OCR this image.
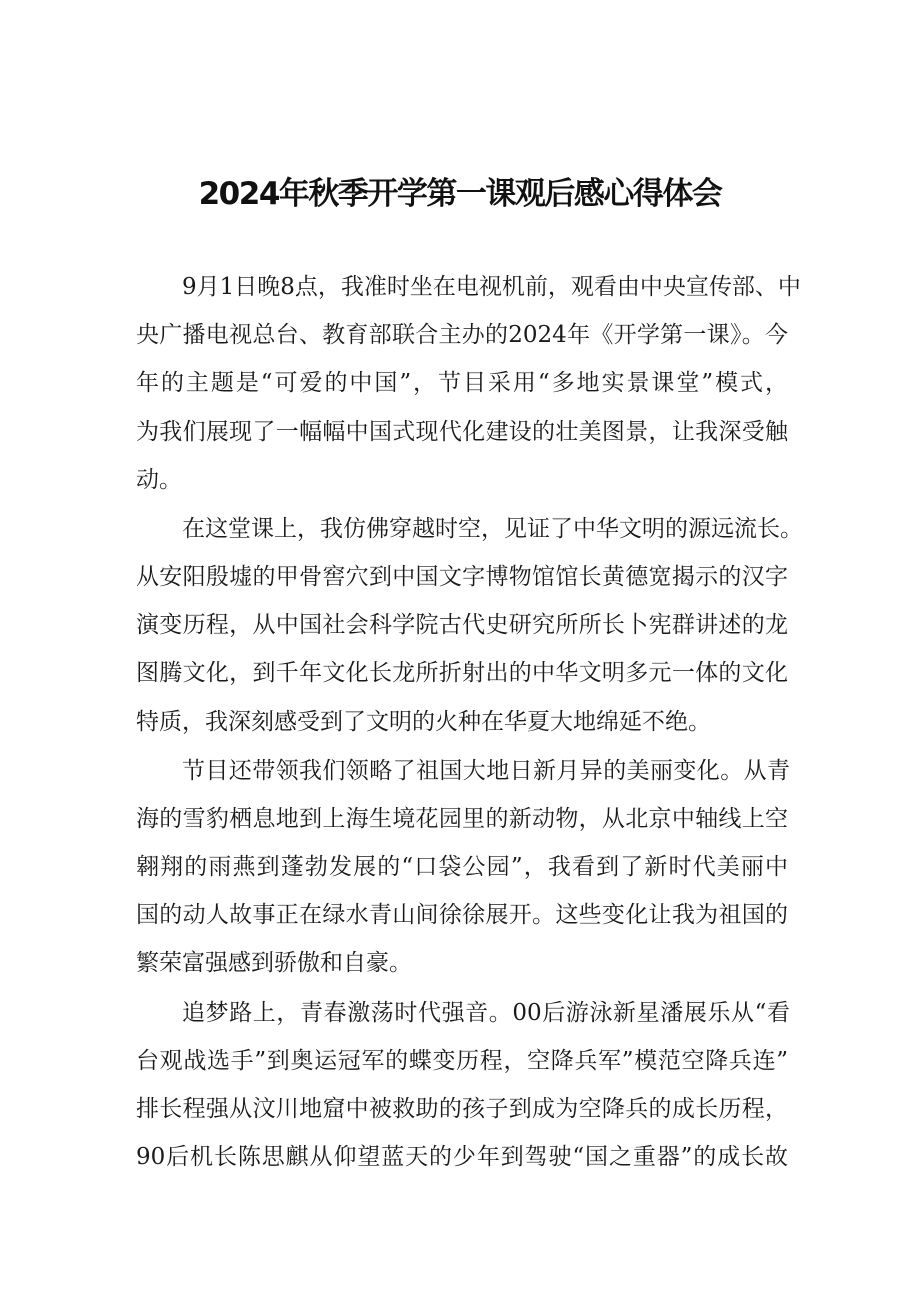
2024年秋季开学第一课观后感心得体会

9月1日晚8点，我准时坐在电视机前，观看由中央宣传部、中

央广播电视总台、教育部联合主办的2024年《开学第一课》。今

年的主题是“可爱的中国”，节目采用“多地实景课堂”模式，

为我们展现了一幅幅中国式现代化建设的壮美图景，让我深受触

动。

在这堂课上，我仿佛穿越时空，见证了中华文明的源远流长。

从安阳殷墟的甲骨窖穴到中国文字博物馆馆长黄德宽揭示的汉字

演变历程，从中国社会科学院古代史研究所所长卜宪群讲述的龙

图腾文化，到千年文化长龙所折射出的中华文明多元一体的文化

特质，我深刻感受到了文明的火种在华夏大地绵延不绝。

节目还带领我们领略了祖国大地日新月异的美丽变化。从青

海的雪豹栖息地到上海生境花园里的新动物，从北京中轴线上空

翱翔的雨燕到蓬勃发展的“口袋公园”，我看到了新时代美丽中

国的动人故事正在绿水青山间徐徐展开。这些变化让我为祖国的

繁荣富强感到骄傲和自豪。

追梦路上，青春激荡时代强音。00后游泳新星潘展乐从“看

台观战选手”到奥运冠军的蝶变历程，空降兵军”模范空降兵连”

排长程强从汶川地窟中被救助的孩子到成为空降兵的成长历程，

90后机长陈思麒从仰望蓝天的少年到驾驶“国之重器”的成长故
